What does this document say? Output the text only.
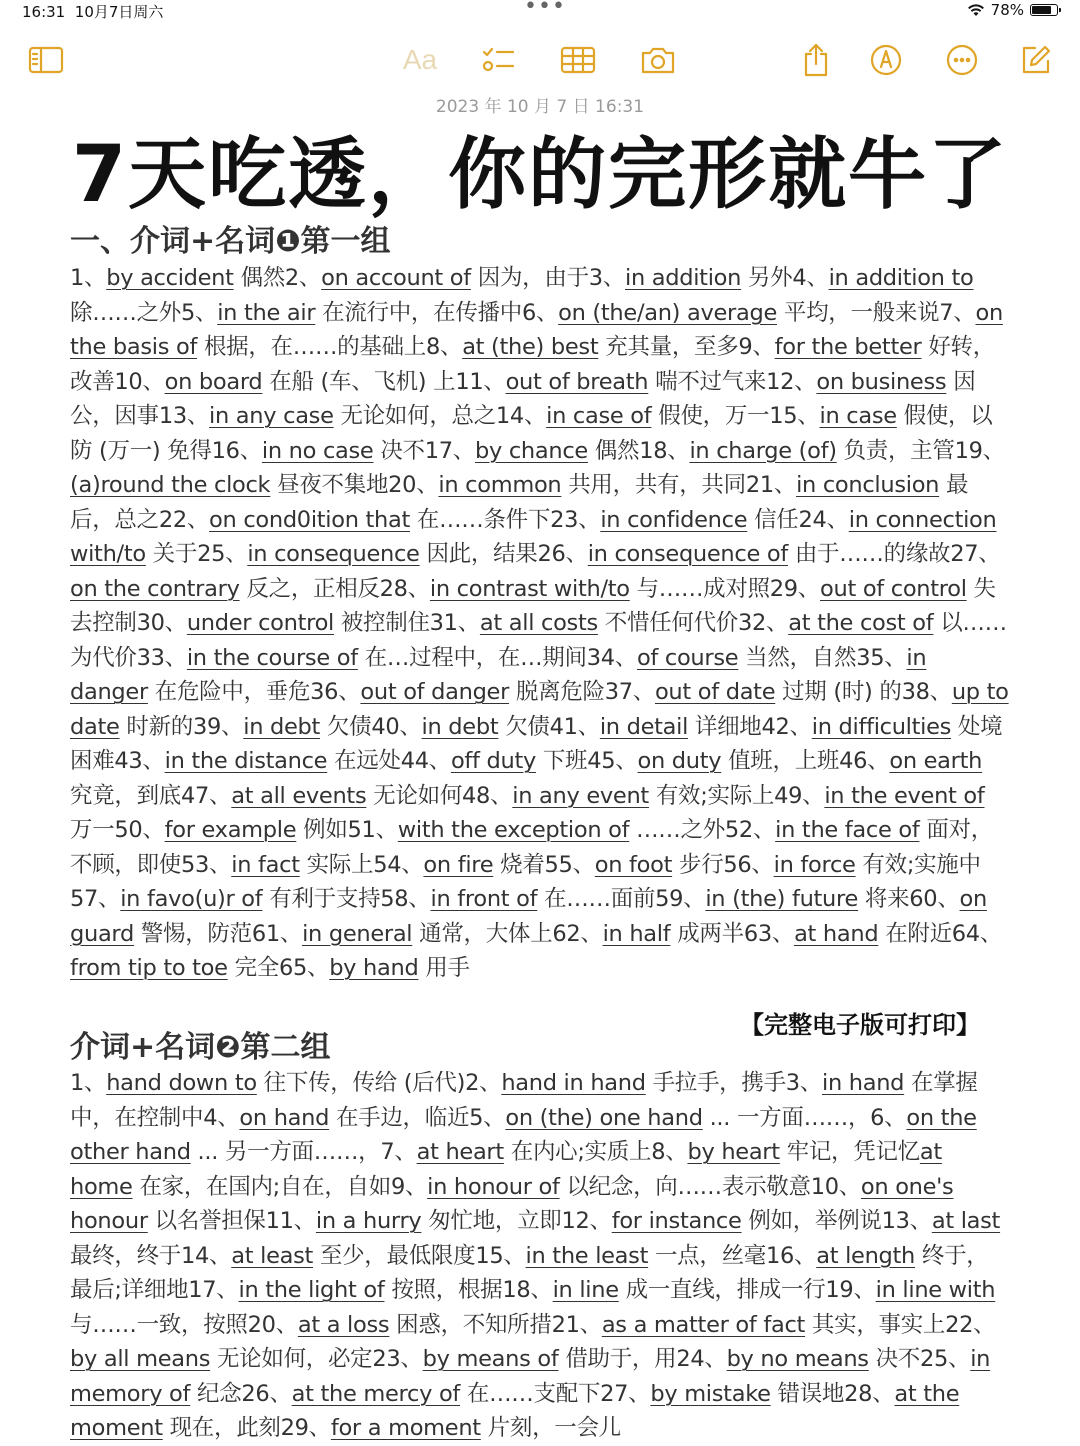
16:31 10月7日周六	•••	78%
Aa
2023 年 10 月 7 日 16:31
7天吃透，你的完形就牛了
一、介词+名词❶第一组
1、by accident 偶然2、on account of 因为，由于3、in addition 另外4、in addition to 除……之外5、in the air 在流行中，在传播中6、on (the/an) average 平均，一般来说7、on the basis of 根据，在……的基础上8、at (the) best 充其量，至多9、for the better 好转，改善10、on board 在船 (车、飞机) 上11、out of breath 喘不过气来12、on business 因公，因事13、in any case 无论如何，总之14、in case of 假使，万一15、in case 假使，以防 (万一) 免得16、in no case 决不17、by chance 偶然18、in charge (of) 负责，主管19、(a)round the clock 昼夜不集地20、in common 共用，共有，共同21、in conclusion 最后，总之22、on cond0ition that 在……条件下23、in confidence 信任24、in connection with/to 关于25、in consequence 因此，结果26、in consequence of 由于……的缘故27、on the contrary 反之，正相反28、in contrast with/to 与……成对照29、out of control 失去控制30、under control 被控制住31、at all costs 不惜任何代价32、at the cost of 以……为代价33、in the course of 在…过程中，在…期间34、of course 当然，自然35、in danger 在危险中，垂危36、out of danger 脱离危险37、out of date 过期 (时) 的38、up to date 时新的39、in debt 欠债40、in debt 欠债41、in detail 详细地42、in difficulties 处境困难43、in the distance 在远处44、off duty 下班45、on duty 值班，上班46、on earth 究竟，到底47、at all events 无论如何48、in any event 有效;实际上49、in the event of 万一50、for example 例如51、with the exception of ……之外52、in the face of 面对，不顾，即使53、in fact 实际上54、on fire 烧着55、on foot 步行56、in force 有效;实施中57、in favo(u)r of 有利于支持58、in front of 在……面前59、in (the) future 将来60、on guard 警惕，防范61、in general 通常，大体上62、in half 成两半63、at hand 在附近64、from tip to toe 完全65、by hand 用手
介词+名词❷第二组
【完整电子版可打印】
1、hand down to 往下传，传给 (后代)2、hand in hand 手拉手，携手3、in hand 在掌握中，在控制中4、on hand 在手边，临近5、on (the) one hand ... 一方面……，6、on the other hand ... 另一方面……，7、at heart 在内心;实质上8、by heart 牢记，凭记忆at home 在家，在国内;自在，自如9、in honour of 以纪念，向……表示敬意10、on one's honour 以名誉担保11、in a hurry 匆忙地，立即12、for instance 例如，举例说13、at last 最终，终于14、at least 至少，最低限度15、in the least 一点，丝毫16、at length 终于，最后;详细地17、in the light of 按照，根据18、in line 成一直线，排成一行19、in line with 与……一致，按照20、at a loss 困惑，不知所措21、as a matter of fact 其实，事实上22、by all means 无论如何，必定23、by means of 借助于，用24、by no means 决不25、in memory of 纪念26、at the mercy of 在……支配下27、by mistake 错误地28、at the moment 现在，此刻29、for a moment 片刻，一会儿
